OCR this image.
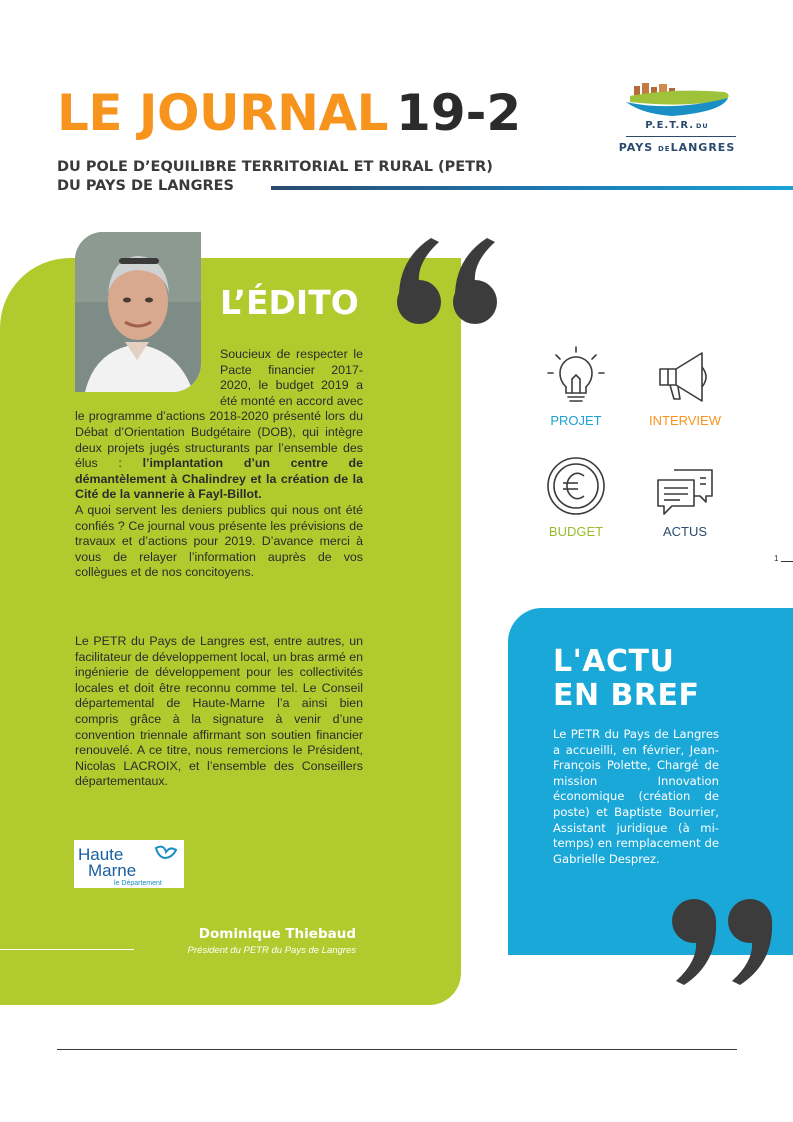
LE JOURNAL 19-2
DU POLE D’EQUILIBRE TERRITORIAL ET RURAL (PETR)
DU PAYS DE LANGRES
P.E.T.R. DU
PAYS DELANGRES
L’ÉDITO
Soucieux de respecter le Pacte financier 2017-2020, le budget 2019 a été monté en accord avec le programme d’actions 2018-2020 présenté lors du Débat d’Orientation Budgétaire (DOB), qui intègre deux projets jugés structurants par l’ensemble des élus : l’implantation d’un centre de démantèlement à Chalindrey et la création de la Cité de la vannerie à Fayl-Billot.
A quoi servent les deniers publics qui nous ont été confiés ? Ce journal vous présente les prévisions de travaux et d’actions pour 2019. D’avance merci à vous de relayer l’information auprès de vos collègues et de nos concitoyens.
Le PETR du Pays de Langres est, entre autres, un facilitateur de développement local, un bras armé en ingénierie de développement pour les collectivités locales et doit être reconnu comme tel. Le Conseil départemental de Haute-Marne l’a ainsi bien compris grâce à la signature à venir d’une convention triennale affirmant son soutien financier renouvelé. A ce titre, nous remercions le Président, Nicolas LACROIX, et l’ensemble des Conseillers départementaux.
Haute
Marne
le Département
Dominique Thiebaud
Président du PETR du Pays de Langres
PROJET	INTERVIEW
BUDGET	ACTUS
1
L'ACTU
EN BREF
Le PETR du Pays de Langres a accueilli, en février, Jean-François Polette, Chargé de mission Innovation économique (création de poste) et Baptiste Bourrier, Assistant juridique (à mi-temps) en remplacement de Gabrielle Desprez.
